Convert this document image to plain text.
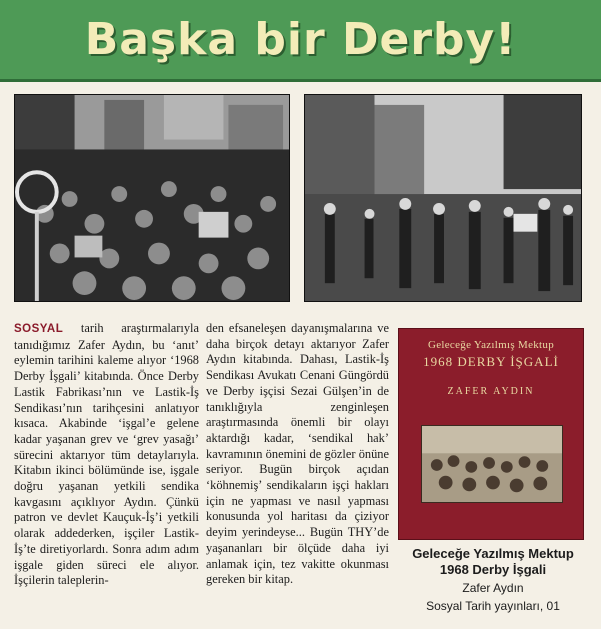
Başka bir Derby!

SOSYAL tarih araştırmalarıyla tanıdığımız Zafer Aydın, bu ‘anıt’ eylemin tarihini kaleme alıyor ‘1968 Derby İşgali’ kitabında. Önce Derby Lastik Fabrikası’nın ve Lastik-İş Sendikası’nın tarihçesini anlatıyor kısaca. Akabinde ‘işgal’e gelene kadar yaşanan grev ve ‘grev yasağı’ sürecini aktarıyor tüm detaylarıyla. Kitabın ikinci bölümünde ise, işgale doğru yaşanan yetkili sendika kavgasını açıklıyor Aydın. Çünkü patron ve devlet Kauçuk-İş’i yetkili olarak addederken, işçiler Lastik-İş’te diretiyorlardı. Sonra adım adım işgale giden süreci ele alıyor. İşçilerin taleplerin-

den efsaneleşen dayanışmalarına ve daha birçok detayı aktarıyor Zafer Aydın kitabında. Dahası, Lastik-İş Sendikası Avukatı Cenani Güngördü ve Derby işçisi Sezai Gülşen’in de tanıklığıyla zenginleşen araştırmasında önemli bir olayı aktardığı kadar, ‘sendikal hak’ kavramının önemini de gözler önüne seriyor. Bugün birçok açıdan ‘köhnemiş’ sendikaların işçi hakları için ne yapması ve nasıl yapması konusunda yol haritası da çiziyor deyim yerindeyse... Bugün THY’de yaşananları bir ölçüde daha iyi anlamak için, tez vakitte okunması gereken bir kitap.

Geleceğe Yazılmış Mektup
1968 DERBY İŞGALİ
ZAFER AYDIN
Geleceğe Yazılmış Mektup
1968 Derby İşgali
Zafer Aydın
Sosyal Tarih yayınları, 01
